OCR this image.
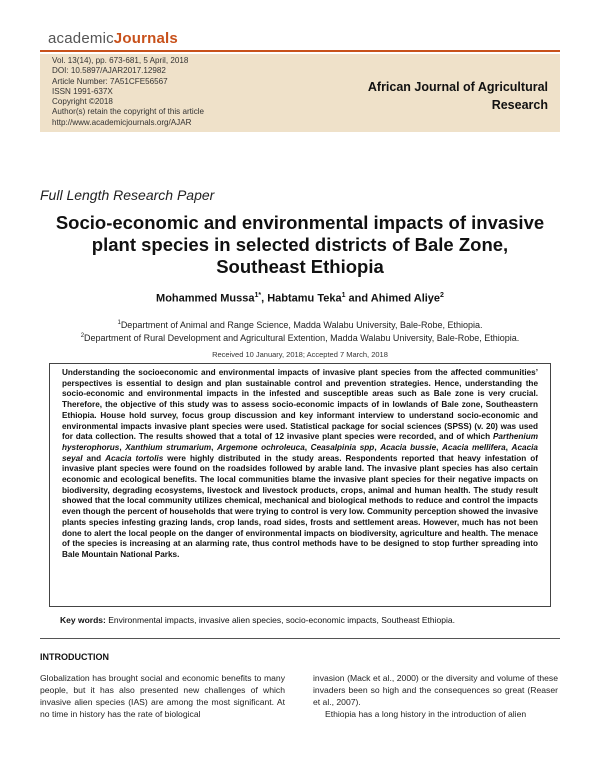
academicJournals
Vol. 13(14), pp. 673-681, 5 April, 2018
DOI: 10.5897/AJAR2017.12982
Article Number: 7A51CFE56567
ISSN 1991-637X
Copyright ©2018
Author(s) retain the copyright of this article
http://www.academicjournals.org/AJAR
African Journal of Agricultural
Research
Full Length Research Paper
Socio-economic and environmental impacts of invasive
plant species in selected districts of Bale Zone,
Southeast Ethiopia
Mohammed Mussa$^{1*}$, Habtamu Teka$^1$ and Ahimed Aliye$^2$
$^1$Department of Animal and Range Science, Madda Walabu University, Bale-Robe, Ethiopia.
$^2$Department of Rural Development and Agricultural Extention, Madda Walabu University, Bale-Robe, Ethiopia.
Received 10 January, 2018; Accepted 7 March, 2018

Understanding the socioeconomic and environmental impacts of invasive plant species from the affected communities’ perspectives is essential to design and plan sustainable control and prevention strategies. Hence, understanding the socio-economic and environmental impacts in the infested and susceptible areas such as Bale zone is very crucial. Therefore, the objective of this study was to assess socio-economic impacts of in lowlands of Bale zone, Southeastern Ethiopia. House hold survey, focus group discussion and key informant interview to understand socio-economic and environmental impacts invasive plant species were used. Statistical package for social sciences (SPSS) (v. 20) was used for data collection. The results showed that a total of 12 invasive plant species were recorded, and of which Parthenium hysterophorus, Xanthium strumarium, Argemone ochroleuca, Ceasalpinia spp, Acacia bussie, Acacia mellifera, Acacia seyal and Acacia tortolis were highly distributed in the study areas. Respondents reported that heavy infestation of invasive plant species were found on the roadsides followed by arable land. The invasive plant species has also certain economic and ecological benefits. The local communities blame the invasive plant species for their negative impacts on biodiversity, degrading ecosystems, livestock and livestock products, crops, animal and human health. The study result showed that the local community utilizes chemical, mechanical and biological methods to reduce and control the impacts even though the percent of households that were trying to control is very low. Community perception showed the invasive plants species infesting grazing lands, crop lands, road sides, frosts and settlement areas. However, much has not been done to alert the local people on the danger of environmental impacts on biodiversity, agriculture and health. The menace of the species is increasing at an alarming rate, thus control methods have to be designed to stop further spreading into Bale Mountain National Parks.

Key words: Environmental impacts, invasive alien species, socio-economic impacts, Southeast Ethiopia.
INTRODUCTION

Globalization has brought social and economic benefits to many people, but it has also presented new challenges of which invasive alien species (IAS) are among the most significant. At no time in history has the rate of biological

invasion (Mack et al., 2000) or the diversity and volume of these invaders been so high and the consequences so great (Reaser et al., 2007).

Ethiopia has a long history in the introduction of alien
